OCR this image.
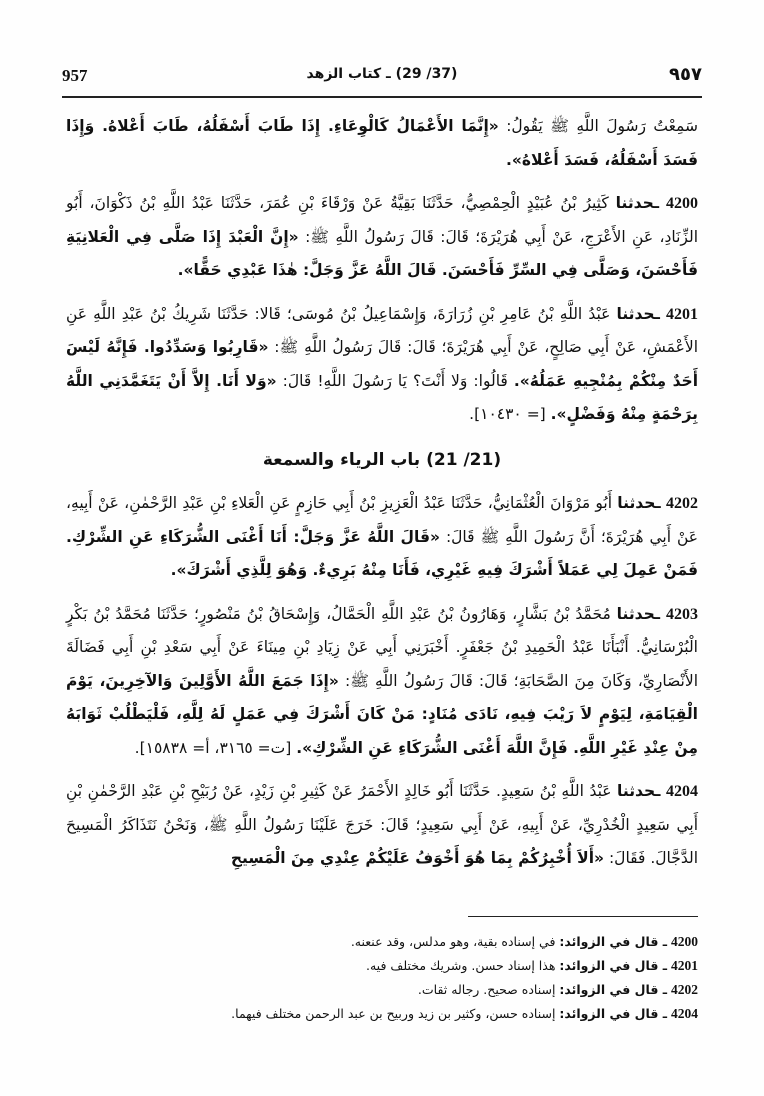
957	(37/ 29) ـ كتاب الزهد	٩٥٧

سَمِعْتُ رَسُولَ اللَّهِ ﷺ يَقُولُ: «إِنَّمَا الأَعْمَالُ كَالْوِعَاءِ. إِذَا طَابَ أَسْفَلُهُ، طَابَ أَعْلاهُ. وَإِذَا فَسَدَ أَسْفَلُهُ، فَسَدَ أَعْلاهُ».

4200 ـحدثنا كَثِيرُ بْنُ عُبَيْدٍ الْحِمْصِيُّ، حَدَّثَنَا بَقِيَّةُ عَنْ وَرْقَاءَ بْنِ عُمَرَ، حَدَّثَنَا عَبْدُ اللَّهِ بْنُ ذَكْوَانَ، أَبُو الزِّنَادِ، عَنِ الأَعْرَجِ، عَنْ أَبِي هُرَيْرَةَ؛ قَالَ: قَالَ رَسُولُ اللَّهِ ﷺ: «إِنَّ الْعَبْدَ إِذَا صَلَّى فِي الْعَلانِيَةِ فَأَحْسَنَ، وَصَلَّى فِي السِّرِّ فَأَحْسَنَ. قَالَ اللَّهُ عَزَّ وَجَلَّ: هٰذَا عَبْدِي حَقًّا».

4201 ـحدثنا عَبْدُ اللَّهِ بْنُ عَامِرِ بْنِ زُرَارَةَ، وَإِسْمَاعِيلُ بْنُ مُوسَى؛ قَالا: حَدَّثَنَا شَرِيكُ بْنُ عَبْدِ اللَّهِ عَنِ الأَعْمَشِ، عَنْ أَبِي صَالِحٍ، عَنْ أَبِي هُرَيْرَةَ؛ قَالَ: قَالَ رَسُولُ اللَّهِ ﷺ: «قَارِبُوا وَسَدِّدُوا. فَإِنَّهُ لَيْسَ أَحَدٌ مِنْكُمْ بِمُنْجِيهِ عَمَلُهُ». قَالُوا: وَلا أَنْتَ؟ يَا رَسُولَ اللَّهِ! قَالَ: «وَلا أَنَا. إِلاَّ أَنْ يَتَغَمَّدَنِي اللَّهُ بِرَحْمَةٍ مِنْهُ وَفَضْلٍ». [= ١٠٤٣٠].

(21/ 21) باب الرياء والسمعة

4202 ـحدثنا أَبُو مَرْوَانَ الْعُثْمَانِيُّ، حَدَّثَنَا عَبْدُ الْعَزِيزِ بْنُ أَبِي حَازِمٍ عَنِ الْعَلاءِ بْنِ عَبْدِ الرَّحْمٰنِ، عَنْ أَبِيهِ، عَنْ أَبِي هُرَيْرَةَ؛ أَنَّ رَسُولَ اللَّهِ ﷺ قَالَ: «قَالَ اللَّهُ عَزَّ وَجَلَّ: أَنَا أَغْنَى الشُّرَكَاءِ عَنِ الشِّرْكِ. فَمَنْ عَمِلَ لِي عَمَلاً أَشْرَكَ فِيهِ غَيْرِي، فَأَنَا مِنْهُ بَرِيءٌ. وَهُوَ لِلَّذِي أَشْرَكَ».

4203 ـحدثنا مُحَمَّدُ بْنُ بَشَّارٍ، وَهَارُونُ بْنُ عَبْدِ اللَّهِ الْحَمَّالُ، وَإِسْحَاقُ بْنُ مَنْصُورٍ؛ حَدَّثَنَا مُحَمَّدُ بْنُ بَكْرٍ الْبُرْسَانِيُّ. أَنْبَأَنَا عَبْدُ الْحَمِيدِ بْنُ جَعْفَرٍ. أَخْبَرَنِي أَبِي عَنْ زِيَادِ بْنِ مِينَاءَ عَنْ أَبِي سَعْدِ بْنِ أَبِي فَضَالَةَ الأَنْصَارِيِّ، وَكَانَ مِنَ الصَّحَابَةِ؛ قَالَ: قَالَ رَسُولُ اللَّهِ ﷺ: «إِذَا جَمَعَ اللَّهُ الأَوَّلِينَ وَالآخِرِينَ، يَوْمَ الْقِيَامَةِ، لِيَوْمٍ لاَ رَيْبَ فِيهِ، نَادَى مُنَادٍ: مَنْ كَانَ أَشْرَكَ فِي عَمَلٍ لَهُ لِلَّهِ، فَلْيَطْلُبْ ثَوَابَهُ مِنْ عِنْدِ غَيْرِ اللَّهِ. فَإِنَّ اللَّهَ أَغْنَى الشُّرَكَاءِ عَنِ الشِّرْكِ». [ت= ٣١٦٥، أ= ١٥٨٣٨].

4204 ـحدثنا عَبْدُ اللَّهِ بْنُ سَعِيدٍ. حَدَّثَنَا أَبُو خَالِدٍ الأَحْمَرُ عَنْ كَثِيرِ بْنِ زَيْدٍ، عَنْ رُبَيْحِ بْنِ عَبْدِ الرَّحْمٰنِ بْنِ أَبِي سَعِيدٍ الْخُدْرِيِّ، عَنْ أَبِيهِ، عَنْ أَبِي سَعِيدٍ؛ قَالَ: خَرَجَ عَلَيْنَا رَسُولُ اللَّهِ ﷺ، وَنَحْنُ نَتَذَاكَرُ الْمَسِيحَ الدَّجَّالَ. فَقَالَ: «أَلاَ أُخْبِرُكُمْ بِمَا هُوَ أَخْوَفُ عَلَيْكُمْ عِنْدِي مِنَ الْمَسِيحِ

4200 ـ قال في الزوائد: في إسناده بقية، وهو مدلس، وقد عنعنه.

4201 ـ قال في الزوائد: هذا إسناد حسن. وشريك مختلف فيه.

4202 ـ قال في الزوائد: إسناده صحيح. رجاله ثقات.

4204 ـ قال في الزوائد: إسناده حسن، وكثير بن زيد وربيح بن عبد الرحمن مختلف فيهما.
